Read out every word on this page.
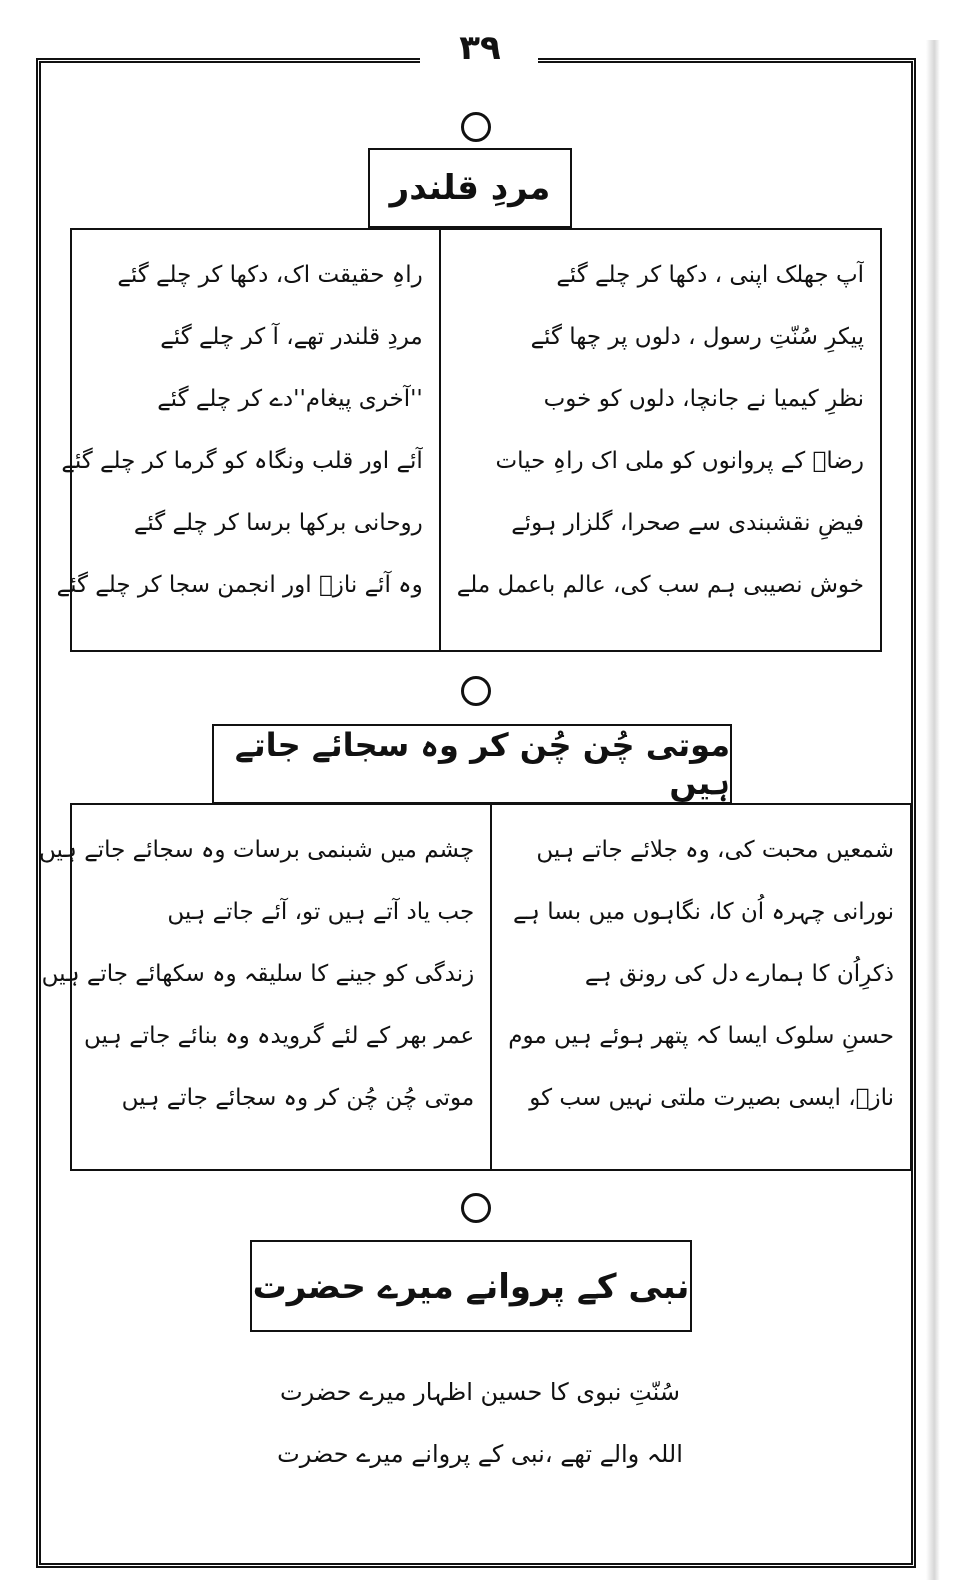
۳۹
مردِ قلندر
آپ جھلک اپنی ، دکھا کر چلے گئے
پیکرِ سُنّتِ رسول ، دلوں پر چھا گئے
نظرِ کیمیا نے جانچا، دلوں کو خوب
رضاؔ کے پروانوں کو ملی اک راہِ حیات
فیضِ نقشبندی سے صحرا، گلزار ہوئے
خوش نصیبی ہم سب کی، عالم باعمل ملے
راہِ حقیقت اک، دکھا کر چلے گئے
مردِ قلندر تھے، آ کر چلے گئے
''آخری پیغام''دے کر چلے گئے
آئے اور قلب ونگاہ کو گرما کر چلے گئے
روحانی برکھا برسا کر چلے گئے
وہ آئے نازؔ اور انجمن سجا کر چلے گئے
موتی چُن چُن کر وہ سجائے جاتے ہیں
شمعیں محبت کی، وہ جلائے جاتے ہیں
نورانی چہرہ اُن کا، نگاہوں میں بسا ہے
ذکرِاُن کا ہمارے دل کی رونق ہے
حسنِ سلوک ایسا کہ پتھر ہوئے ہیں موم
نازؔ، ایسی بصیرت ملتی نہیں سب کو
چشم میں شبنمی برسات وہ سجائے جاتے ہیں
جب یاد آتے ہیں تو، آئے جاتے ہیں
زندگی کو جینے کا سلیقہ وہ سکھائے جاتے ہیں
عمر بھر کے لئے گرویدہ وہ بنائے جاتے ہیں
موتی چُن چُن کر وہ سجائے جاتے ہیں
نبی کے پروانے میرے حضرت
سُنّتِ نبوی کا حسین اظہار میرے حضرت
اللہ والے تھے ،نبی کے پروانے میرے حضرت
